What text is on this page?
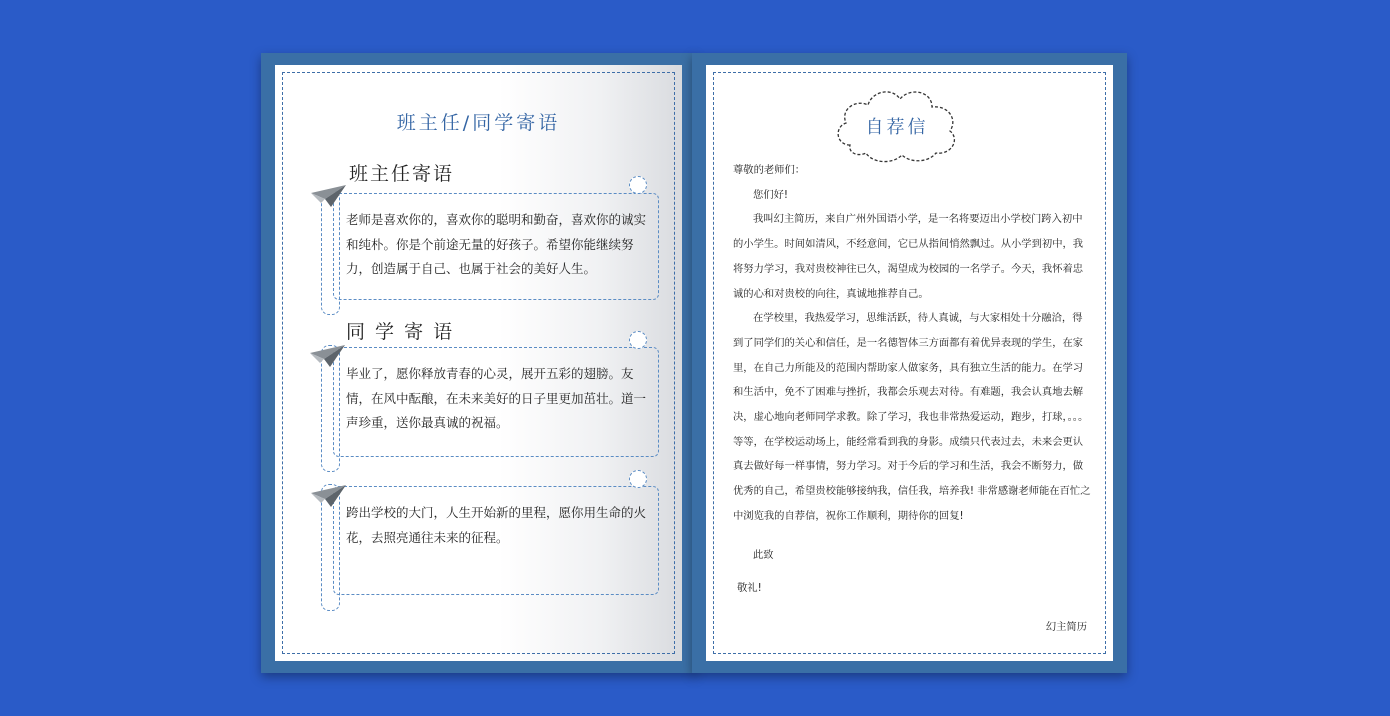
班主任/同学寄语
班主任寄语
老师是喜欢你的，喜欢你的聪明和勤奋，喜欢你的诚实和纯朴。你是个前途无量的好孩子。希望你能继续努力，创造属于自己、也属于社会的美好人生。
同 学 寄 语
毕业了，愿你释放青春的心灵，展开五彩的翅膀。友情，在风中酝酿，在未来美好的日子里更加茁壮。道一声珍重，送你最真诚的祝福。
跨出学校的大门，人生开始新的里程，愿你用生命的火花，去照亮通往未来的征程。
自荐信

尊敬的老师们：

您们好!

我叫幻主简历，来自广州外国语小学，是一名将要迈出小学校门跨入初中的小学生。时间如清风，不经意间，它已从指间悄然飘过。从小学到初中，我将努力学习，我对贵校神往已久，渴望成为校园的一名学子。今天，我怀着忠诚的心和对贵校的向往，真诚地推荐自己。

在学校里，我热爱学习，思维活跃，待人真诚，与大家相处十分融洽，得到了同学们的关心和信任，是一名德智体三方面都有着优异表现的学生，在家里，在自己力所能及的范围内帮助家人做家务，具有独立生活的能力。在学习和生活中，免不了困难与挫折，我都会乐观去对待。有难题，我会认真地去解决，虚心地向老师同学求教。除了学习，我也非常热爱运动，跑步，打球，。。。等等，在学校运动场上，能经常看到我的身影。成绩只代表过去，未来会更认真去做好每一样事情，努力学习。对于今后的学习和生活，我会不断努力，做优秀的自己，希望贵校能够接纳我，信任我，培养我! 非常感谢老师能在百忙之中浏览我的自荐信，祝你工作顺利，期待你的回复!

此致

敬礼!

幻主简历
